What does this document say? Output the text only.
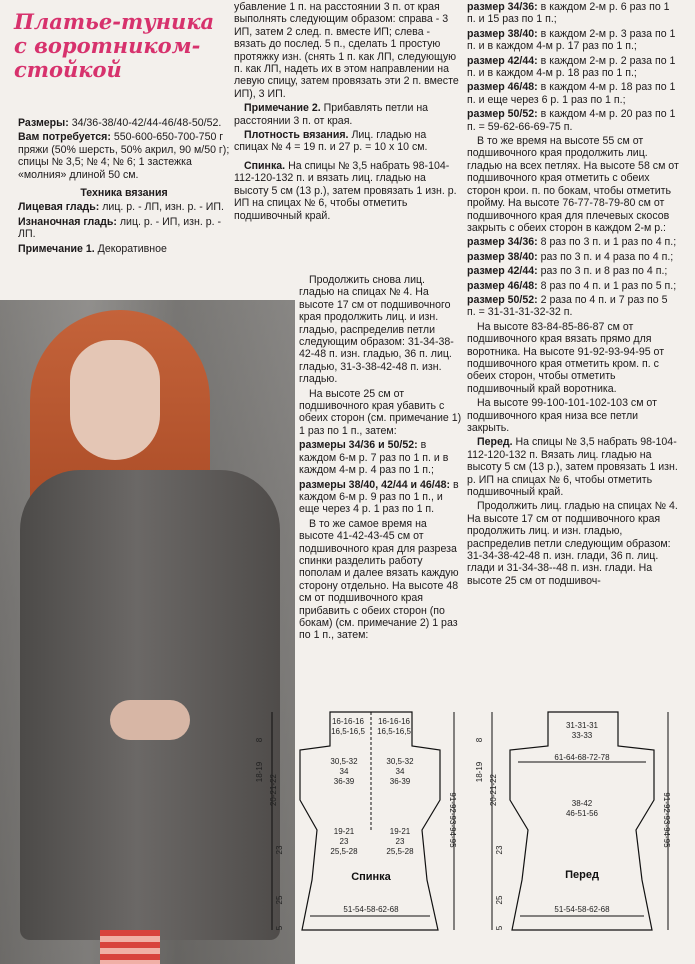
Платье-туника
с воротником-
стойкой

Размеры: 34/36-38/40-42/44-46/48-50/52.

Вам потребуется: 550-600-650-700-750 г пряжи (50% шерсть, 50% акрил, 90 м/50 г); спицы № 3,5; № 4; № 6; 1 застежка «молния» длиной 50 см.

Техника вязания

Лицевая гладь: лиц. р. - ЛП, изн. р. - ИП.

Изнаночная гладь: лиц. р. - ИП, изн. р. - ЛП.

Примечание 1. Декоративное

убавление 1 п. на расстоянии 3 п. от края выполнять следующим образом: справа - 3 ИП, затем 2 след. п. вместе ИП; слева - вязать до послед. 5 п., сделать 1 простую протяжку изн. (снять 1 п. как ЛП, следующую п. как ЛП, надеть их в этом направлении на левую спицу, затем провязать эти 2 п. вместе ИП), 3 ИП.

Примечание 2. Прибавлять петли на расстоянии 3 п. от края.

Плотность вязания. Лиц. гладью на спицах № 4 = 19 п. и 27 р. = 10 х 10 см.

Спинка. На спицы № 3,5 набрать 98-104-112-120-132 п. и вязать лиц. гладью на высоту 5 см (13 р.), затем провязать 1 изн. р. ИП на спицах № 6, чтобы отметить подшивочный край.

Продолжить снова лиц. гладью на спицах № 4. На высоте 17 см от подшивочного края продолжить лиц. и изн. гладью, распределив петли следующим образом: 31-34-38-42-48 п. изн. гладью, 36 п. лиц. гладью, 31-3-38-42-48 п. изн. гладью.

На высоте 25 см от подшивочного края убавить с обеих сторон (см. примечание 1) 1 раз по 1 п., затем:

размеры 34/36 и 50/52: в каждом 6-м р. 7 раз по 1 п. и в каждом 4-м р. 4 раз по 1 п.;

размеры 38/40, 42/44 и 46/48: в каждом 6-м р. 9 раз по 1 п., и еще через 4 р. 1 раз по 1 п.

В то же самое время на высоте 41-42-43-45 см от подшивочного края для разреза спинки разделить работу пополам и далее вязать каждую сторону отдельно. На высоте 48 см от подшивочного края прибавить с обеих сторон (по бокам) (см. примечание 2) 1 раз по 1 п., затем:

размер 34/36: в каждом 2-м р. 6 раз по 1 п. и 15 раз по 1 п.;

размер 38/40: в каждом 2-м р. 3 раза по 1 п. и в каждом 4-м р. 17 раз по 1 п.;

размер 42/44: в каждом 2-м р. 2 раза по 1 п. и в каждом 4-м р. 18 раз по 1 п.;

размер 46/48: в каждом 4-м р. 18 раз по 1 п. и еще через 6 р. 1 раз по 1 п.;

размер 50/52: в каждом 4-м р. 20 раз по 1 п. = 59-62-66-69-75 п.

В то же время на высоте 55 см от подшивочного края продолжить лиц. гладью на всех петлях. На высоте 58 см от подшивочного края отметить с обеих сторон крои. п. по бокам, чтобы отметить пройму. На высоте 76-77-78-79-80 см от подшивочного края для плечевых скосов закрыть с обеих сторон в каждом 2-м р.:

размер 34/36: 8 раз по 3 п. и 1 раз по 4 п.;

размер 38/40: раз по 3 п. и 4 раза по 4 п.;

размер 42/44: раз по 3 п. и 8 раз по 4 п.;

размер 46/48: 8 раз по 4 п. и 1 раз по 5 п.;

размер 50/52: 2 раза по 4 п. и 7 раз по 5 п. = 31-31-31-32-32 п.

На высоте 83-84-85-86-87 см от подшивочного края вязать прямо для воротника. На высоте 91-92-93-94-95 от подшивочного края отметить кром. п. с обеих сторон, чтобы отметить подшивочный край воротника.

На высоте 99-100-101-102-103 см от подшивочного края низа все петли закрыть.

Перед. На спицы № 3,5 набрать 98-104-112-120-132 п. Вязать лиц. гладью на высоту 5 см (13 р.), затем провязать 1 изн. р. ИП на спицах № 6, чтобы отметить подшивочный край.

Продолжить лиц. гладью на спицах № 4. На высоте 17 см от подшивочного края продолжить лиц. и изн. гладью, распределив петли следующим образом: 31-34-38-42-48 п. изн. глади, 36 п. лиц. глади и 31-34-38--48 п. изн. глади. На высоте 25 см от подшивоч-

16-16-16
16,5-16,5
16-16-16
16,5-16,5
30,5-32
34
36-39
30,5-32
34
36-39
19-21
23
25,5-28
19-21
23
25,5-28
Спинка
51-54-58-62-68
8
18-19
20-21-22
23
25
5
91-92-93-94-95
31-31-31
33-33
61-64-68-72-78
38-42
46-51-56
Перед
51-54-58-62-68
8
18-19
20-21-22
23
25
5
91-92-93-94-95
